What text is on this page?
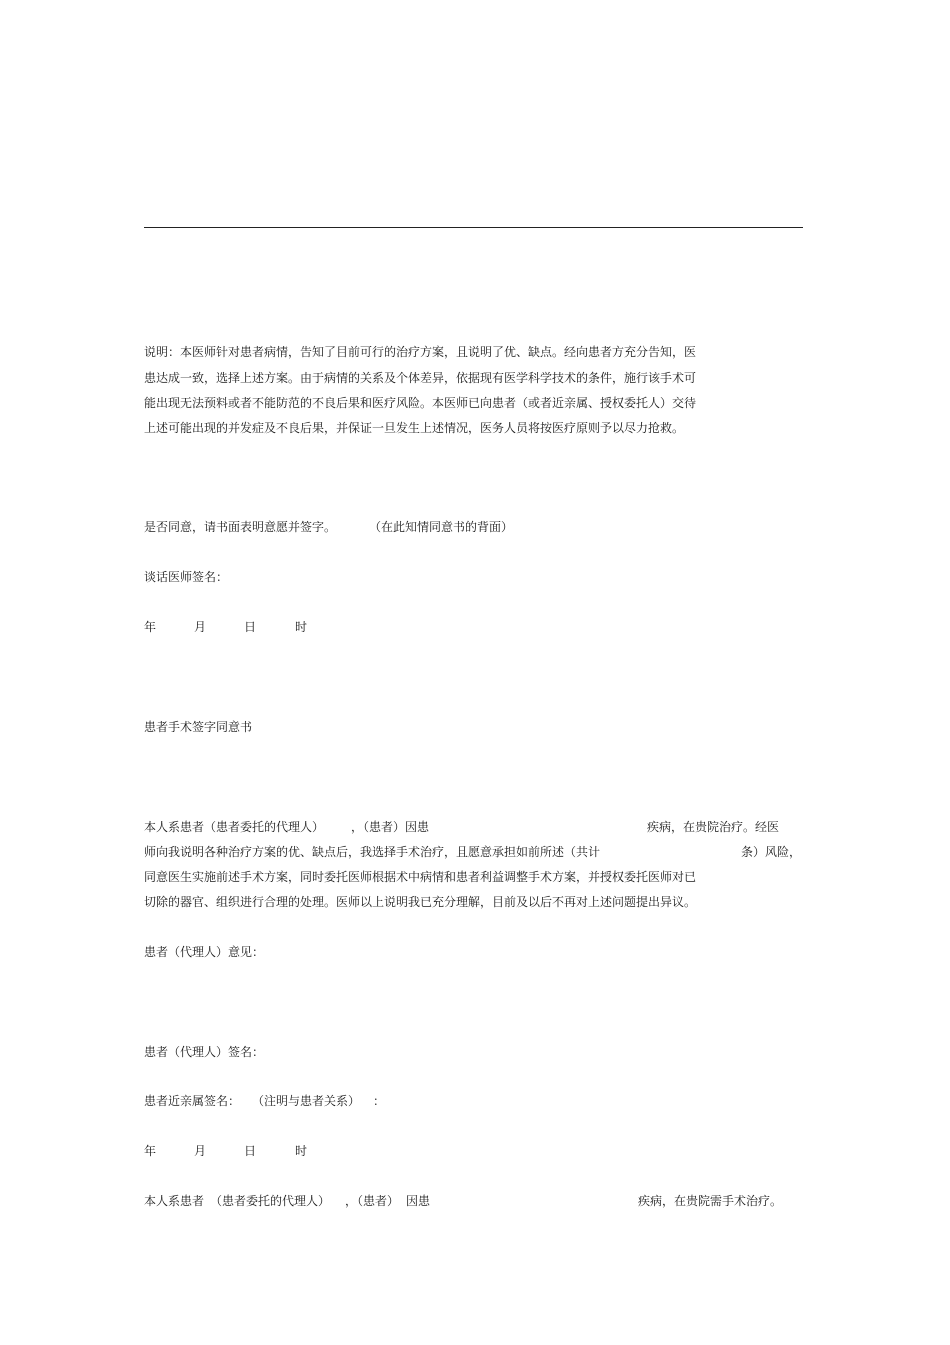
说明：本医师针对患者病情，告知了目前可行的治疗方案，且说明了优、缺点。经向患者方充分告知，医
患达成一致，选择上述方案。由于病情的关系及个体差异，依据现有医学科学技术的条件，施行该手术可
能出现无法预料或者不能防范的不良后果和医疗风险。本医师已向患者（或者近亲属、授权委托人）交待
上述可能出现的并发症及不良后果，并保证一旦发生上述情况，医务人员将按医疗原则予以尽力抢救。
是否同意，请书面表明意愿并签字。	（在此知情同意书的背面）
谈话医师签名：
年	月	日	时
患者手术签字同意书
本人系患者（患者委托的代理人） ，（患者）因患	疾病，在贵院治疗。经医
师向我说明各种治疗方案的优、缺点后，我选择手术治疗，且愿意承担如前所述（共计	条）风险，
同意医生实施前述手术方案，同时委托医师根据术中病情和患者利益调整手术方案，并授权委托医师对已
切除的器官、组织进行合理的处理。医师以上说明我已充分理解，目前及以后不再对上述问题提出异议。
患者（代理人）意见：
患者（代理人）签名：
患者近亲属签名： （注明与患者关系） ：
年	月	日	时
本人系患者 （患者委托的代理人） ，（患者） 因患	疾病，在贵院需手术治疗。
